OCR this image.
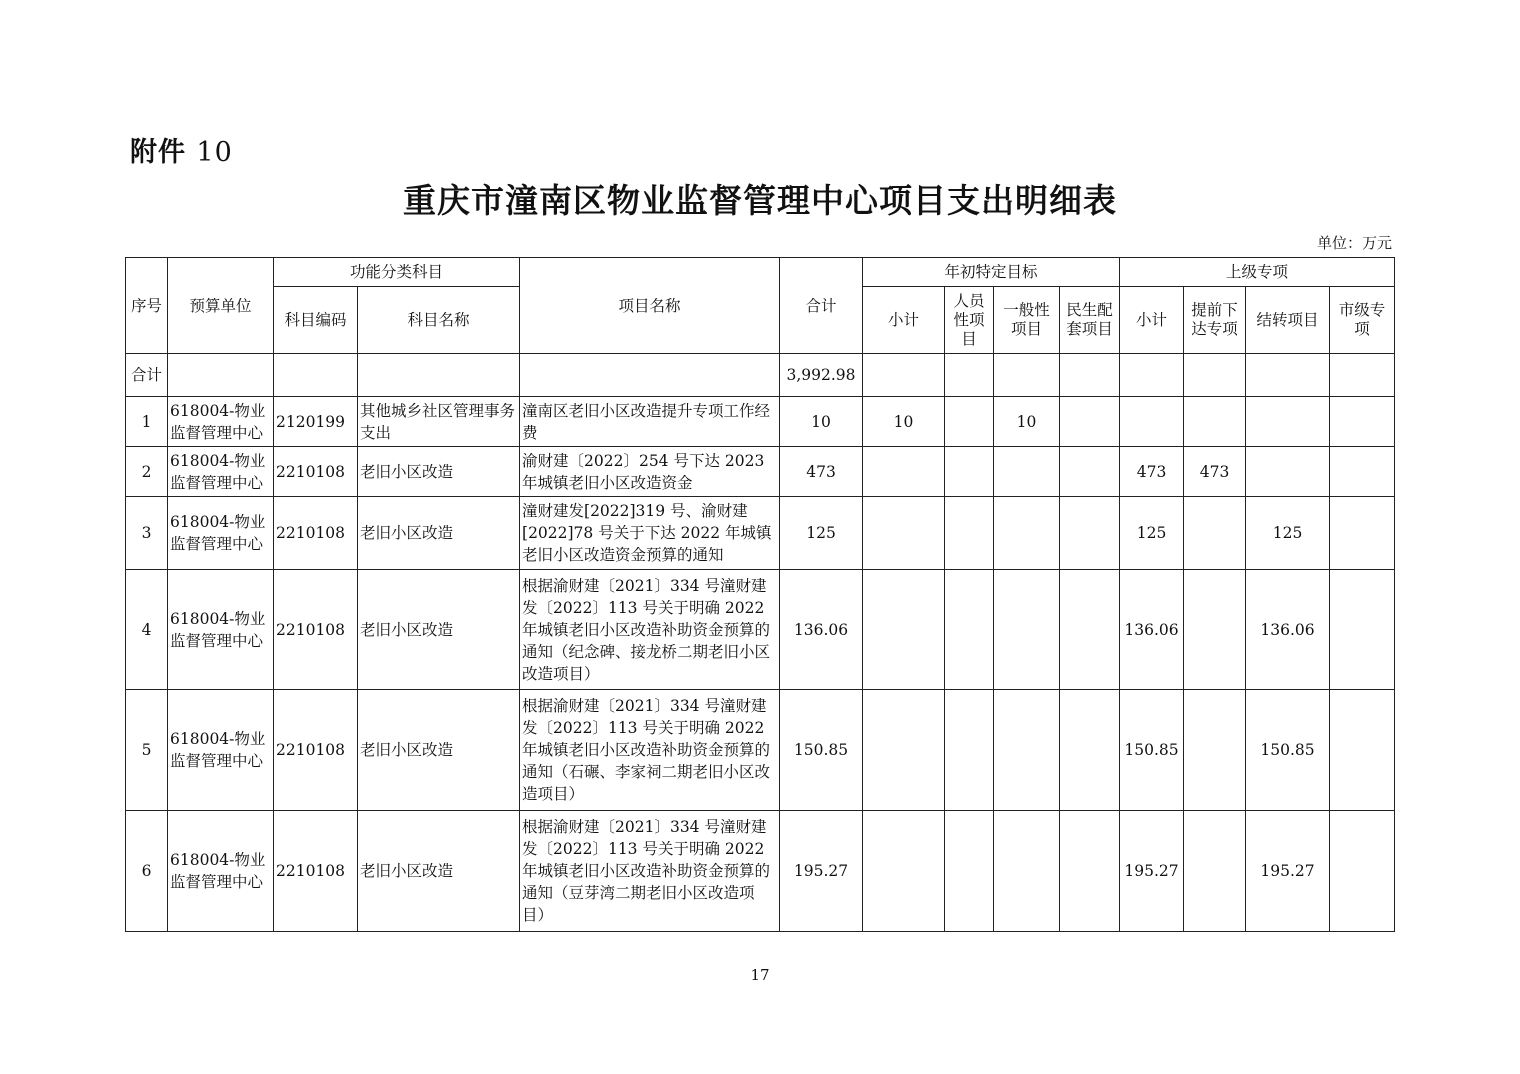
附件 10
重庆市潼南区物业监督管理中心项目支出明细表
单位：万元
序号	预算单位	功能分类科目		项目名称	合计	年初特定目标				上级专项			
		科目编码	科目名称			小计	人员性项目	一般性项目	民生配套项目	小计	提前下达专项	结转项目	市级专项
合计					3,992.98								
1	618004-物业监督管理中心	2120199	其他城乡社区管理事务支出	潼南区老旧小区改造提升专项工作经费	10	10		10					
2	618004-物业监督管理中心	2210108	老旧小区改造	渝财建〔2022〕254 号下达 2023 年城镇老旧小区改造资金	473					473	473		
3	618004-物业监督管理中心	2210108	老旧小区改造	潼财建发[2022]319 号、渝财建[2022]78 号关于下达 2022 年城镇老旧小区改造资金预算的通知	125					125		125	
4	618004-物业监督管理中心	2210108	老旧小区改造	根据渝财建〔2021〕334 号潼财建发〔2022〕113 号关于明确 2022 年城镇老旧小区改造补助资金预算的通知（纪念碑、接龙桥二期老旧小区改造项目）	136.06					136.06		136.06	
5	618004-物业监督管理中心	2210108	老旧小区改造	根据渝财建〔2021〕334 号潼财建发〔2022〕113 号关于明确 2022 年城镇老旧小区改造补助资金预算的通知（石碾、李家祠二期老旧小区改造项目）	150.85					150.85		150.85	
6	618004-物业监督管理中心	2210108	老旧小区改造	根据渝财建〔2021〕334 号潼财建发〔2022〕113 号关于明确 2022 年城镇老旧小区改造补助资金预算的通知（豆芽湾二期老旧小区改造项目）	195.27					195.27		195.27	
17
